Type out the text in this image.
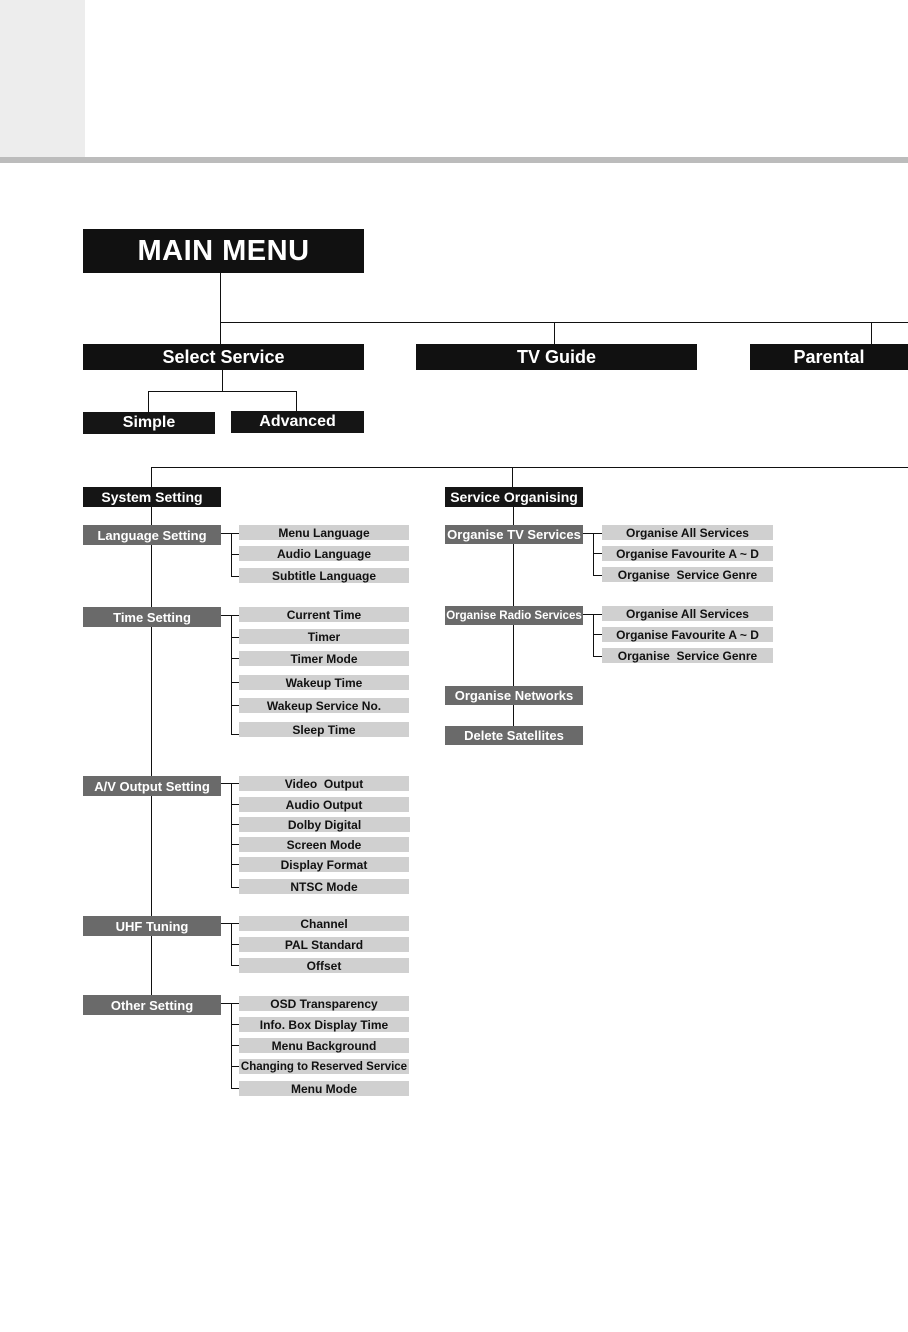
MAIN MENU
Select Service	TV Guide	Parental
Simple	Advanced
System Setting	Service Organising
Language Setting
Time Setting
A/V Output Setting
UHF Tuning
Other Setting
Menu Language
Audio Language
Subtitle Language
Current Time
Timer
Timer Mode
Wakeup Time
Wakeup Service No.
Sleep Time
Video  Output
Audio Output
Dolby Digital
Screen Mode
Display Format
NTSC Mode
Channel
PAL Standard
Offset
OSD Transparency
Info. Box Display Time
Menu Background
Changing to Reserved Service
Menu Mode
Organise TV Services
Organise Radio Services
Organise Networks
Delete Satellites
Organise All Services
Organise Favourite A ~ D
Organise  Service Genre
Organise All Services
Organise Favourite A ~ D
Organise  Service Genre
